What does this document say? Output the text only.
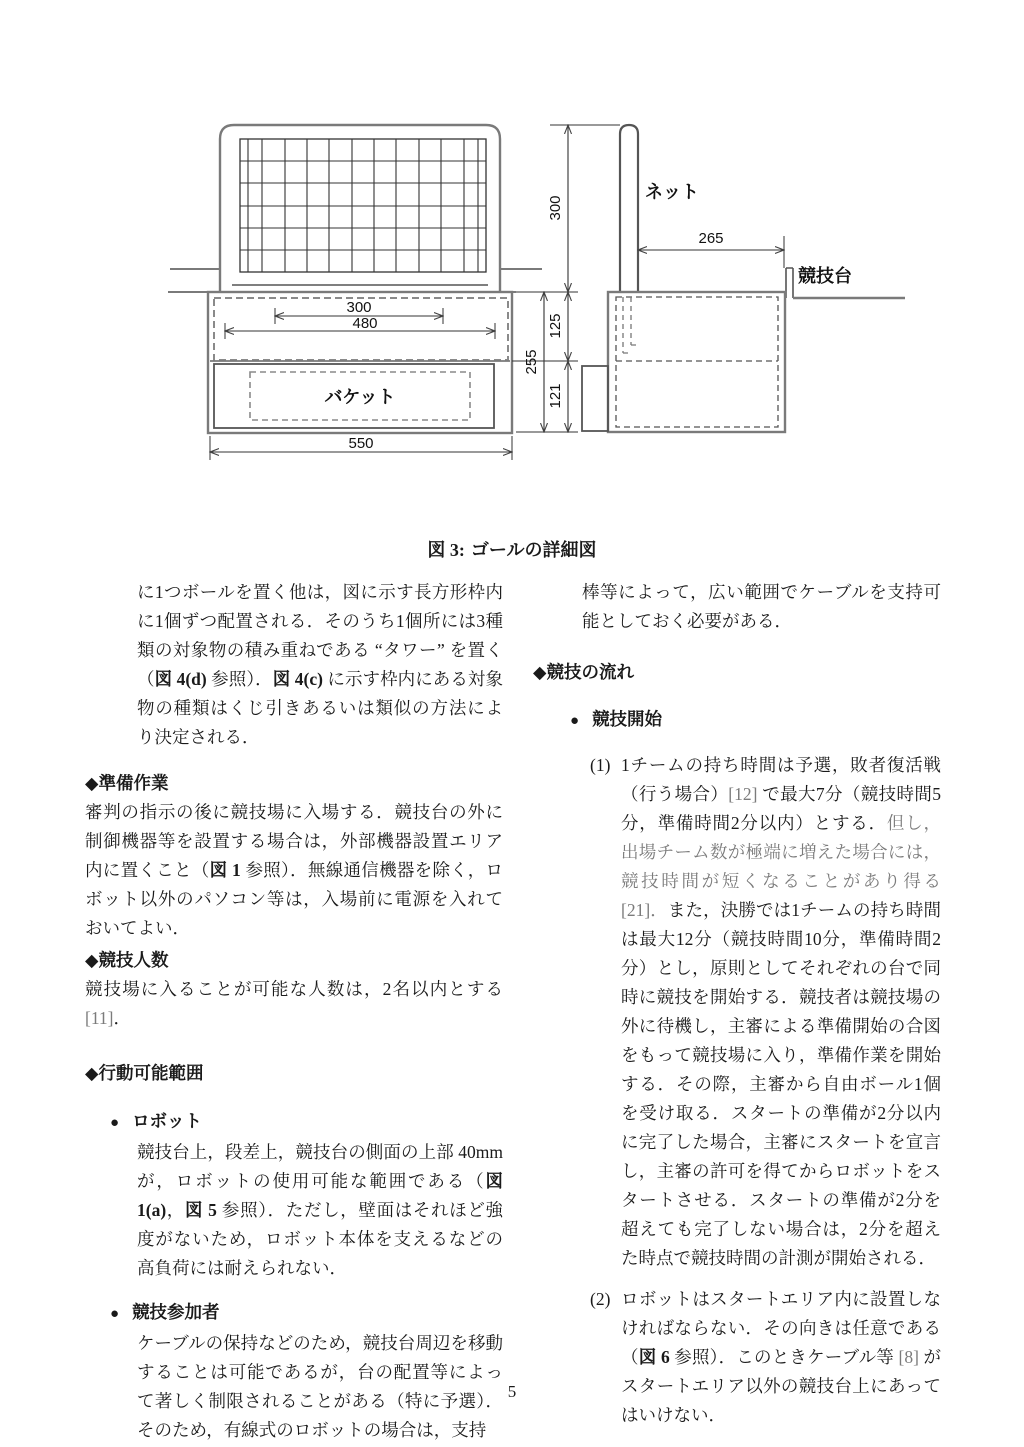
バケット
300
480
550
300
125
121
255
ネット
265
競技台
図 3: ゴールの詳細図

に1つボールを置く他は，図に示す長方形枠内に1個ずつ配置される．そのうち1個所には3種類の対象物の積み重ねである “タワー” を置く（図 4(d) 参照）．図 4(c) に示す枠内にある対象物の種類はくじ引きあるいは類似の方法により決定される．

◆準備作業

審判の指示の後に競技場に入場する．競技台の外に制御機器等を設置する場合は，外部機器設置エリア内に置くこと（図 1 参照）．無線通信機器を除く，ロボット以外のパソコン等は，入場前に電源を入れておいてよい．

◆競技人数

競技場に入ることが可能な人数は，2名以内とする [11]．

◆行動可能範囲

● ロボット

競技台上，段差上，競技台の側面の上部 40mm が，ロボットの使用可能な範囲である（図 1(a)，図 5 参照）．ただし，壁面はそれほど強度がないため，ロボット本体を支えるなどの高負荷には耐えられない．

● 競技参加者

ケーブルの保持などのため，競技台周辺を移動することは可能であるが，台の配置等によって著しく制限されることがある（特に予選）．そのため，有線式のロボットの場合は，支持

棒等によって，広い範囲でケーブルを支持可能としておく必要がある．

◆競技の流れ

● 競技開始

(1) 1チームの持ち時間は予選，敗者復活戦（行う場合）[12] で最大7分（競技時間5分，準備時間2分以内）とする．但し，出場チーム数が極端に増えた場合には，競技時間が短くなることがあり得る [21]．また，決勝では1チームの持ち時間は最大12分（競技時間10分，準備時間2分）とし，原則としてそれぞれの台で同時に競技を開始する．競技者は競技場の外に待機し，主審による準備開始の合図をもって競技場に入り，準備作業を開始する．その際，主審から自由ボール1個を受け取る．スタートの準備が2分以内に完了した場合，主審にスタートを宣言し，主審の許可を得てからロボットをスタートさせる．スタートの準備が2分を超えても完了しない場合は，2分を超えた時点で競技時間の計測が開始される．

(2) ロボットはスタートエリア内に設置しなければならない．その向きは任意である（図 6 参照）．このときケーブル等 [8] がスタートエリア以外の競技台上にあってはいけない．

5
